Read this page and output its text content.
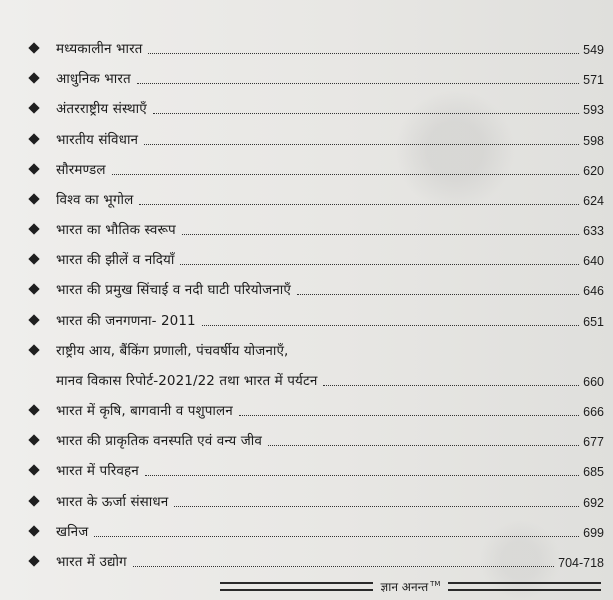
मध्यकालीन भारत	549
आधुनिक भारत	571
अंतरराष्ट्रीय संस्थाएँ	593
भारतीय संविधान	598
सौरमण्डल	620
विश्व का भूगोल	624
भारत का भौतिक स्वरूप	633
भारत की झीलें व नदियाँ	640
भारत की प्रमुख सिंचाई व नदी घाटी परियोजनाएँ	646
भारत की जनगणना- 2011	651
राष्ट्रीय आय, बैंकिंग प्रणाली, पंचवर्षीय योजनाएँ,
मानव विकास रिपोर्ट-2021/22 तथा भारत में पर्यटन	660
भारत में कृषि, बागवानी व पशुपालन	666
भारत की प्राकृतिक वनस्पति एवं वन्य जीव	677
भारत में परिवहन	685
भारत के ऊर्जा संसाधन	692
खनिज	699
भारत में उद्योग	704-718
ज्ञान अनन्त ™
